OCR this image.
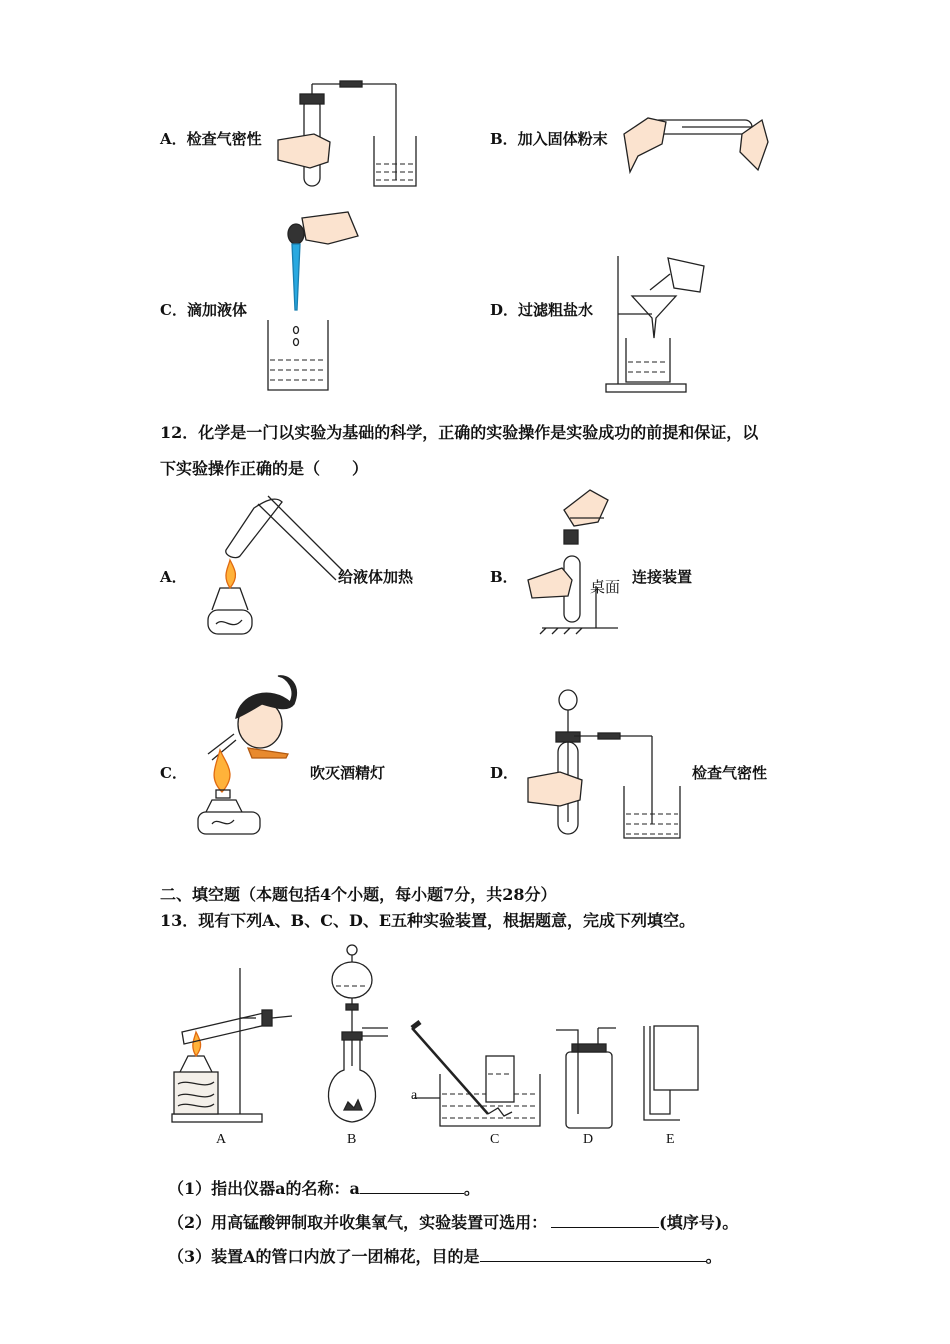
A．检查气密性	B．加入固体粉末
C．滴加液体	D．过滤粗盐水
12．化学是一门以实验为基础的科学，正确的实验操作是实验成功的前提和保证，以
下实验操作正确的是（　　）
A．	给液体加热	B．
桌面
连接装置
C．	吹灭酒精灯	D．	检查气密性
二、填空题（本题包括4个小题，每小题7分，共28分）
13．现有下列A、B、C、D、E五种实验装置，根据题意，完成下列填空。
a
A	B	C	D	E
（1）指出仪器a的名称：a	。
（2）用高锰酸钾制取并收集氧气，实验装置可选用：	(填序号)。
（3）装置A的管口内放了一团棉花，目的是	。
